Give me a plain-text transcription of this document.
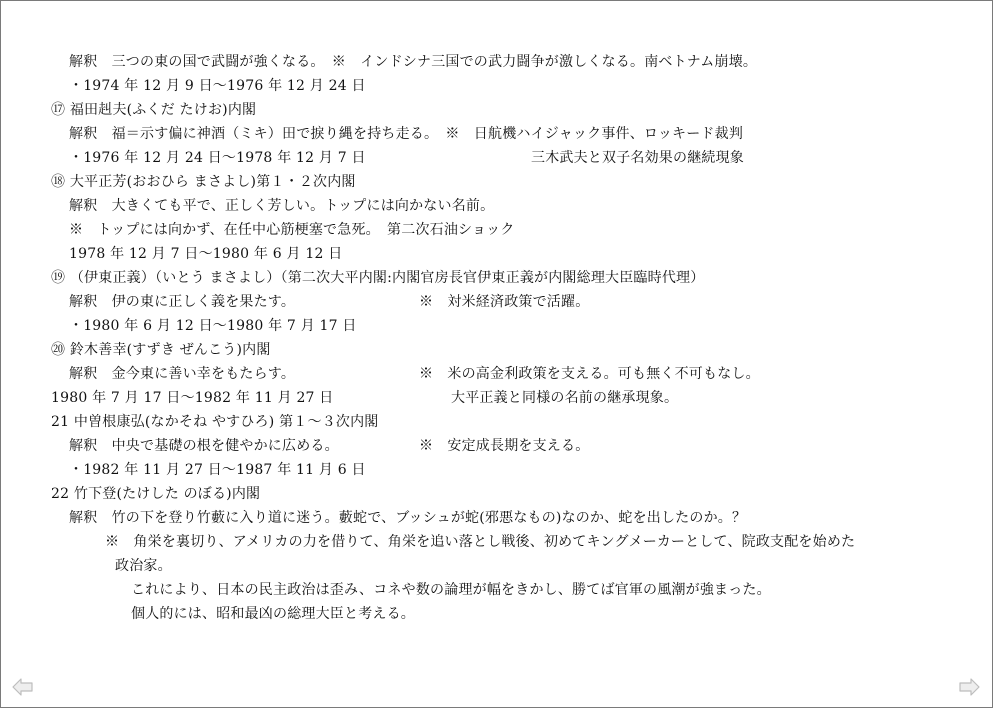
解釈　三つの東の国で武闘が強くなる。　※　インドシナ三国での武力闘争が激しくなる。南ベトナム崩壊。
・1974 年 12 月 9 日～1976 年 12 月 24 日
⑰ 福田赳夫(ふくだ たけお)内閣
解釈　福＝示す偏に神酒（ミキ）田で捩り縄を持ち走る。　※　日航機ハイジャック事件、ロッキード裁判
・1976 年 12 月 24 日～1978 年 12 月 7 日	三木武夫と双子名効果の継続現象
⑱ 大平正芳(おおひら まさよし)第１・２次内閣
解釈　大きくても平で、正しく芳しい。トップには向かない名前。
※　トップには向かず、在任中心筋梗塞で急死。　第二次石油ショック
1978 年 12 月 7 日～1980 年 6 月 12 日
⑲ （伊東正義）（いとう まさよし）（第二次大平内閣:内閣官房長官伊東正義が内閣総理大臣臨時代理）
解釈　伊の東に正しく義を果たす。	※　対米経済政策で活躍。
・1980 年 6 月 12 日～1980 年 7 月 17 日
⑳ 鈴木善幸(すずき ぜんこう)内閣
解釈　金今東に善い幸をもたらす。	※　米の高金利政策を支える。可も無く不可もなし。
1980 年 7 月 17 日～1982 年 11 月 27 日	大平正義と同様の名前の継承現象。
21 中曽根康弘(なかそね やすひろ) 第１～３次内閣
解釈　中央で基礎の根を健やかに広める。	※　安定成長期を支える。
・1982 年 11 月 27 日～1987 年 11 月 6 日
22 竹下登(たけした のぼる)内閣
解釈　竹の下を登り竹藪に入り道に迷う。藪蛇で、ブッシュが蛇(邪悪なもの)なのか、蛇を出したのか。？
※　角栄を裏切り、アメリカの力を借りて、角栄を追い落とし戦後、初めてキングメーカーとして、院政支配を始めた
政治家。
これにより、日本の民主政治は歪み、コネや数の論理が幅をきかし、勝てば官軍の風潮が強まった。
個人的には、昭和最凶の総理大臣と考える。
